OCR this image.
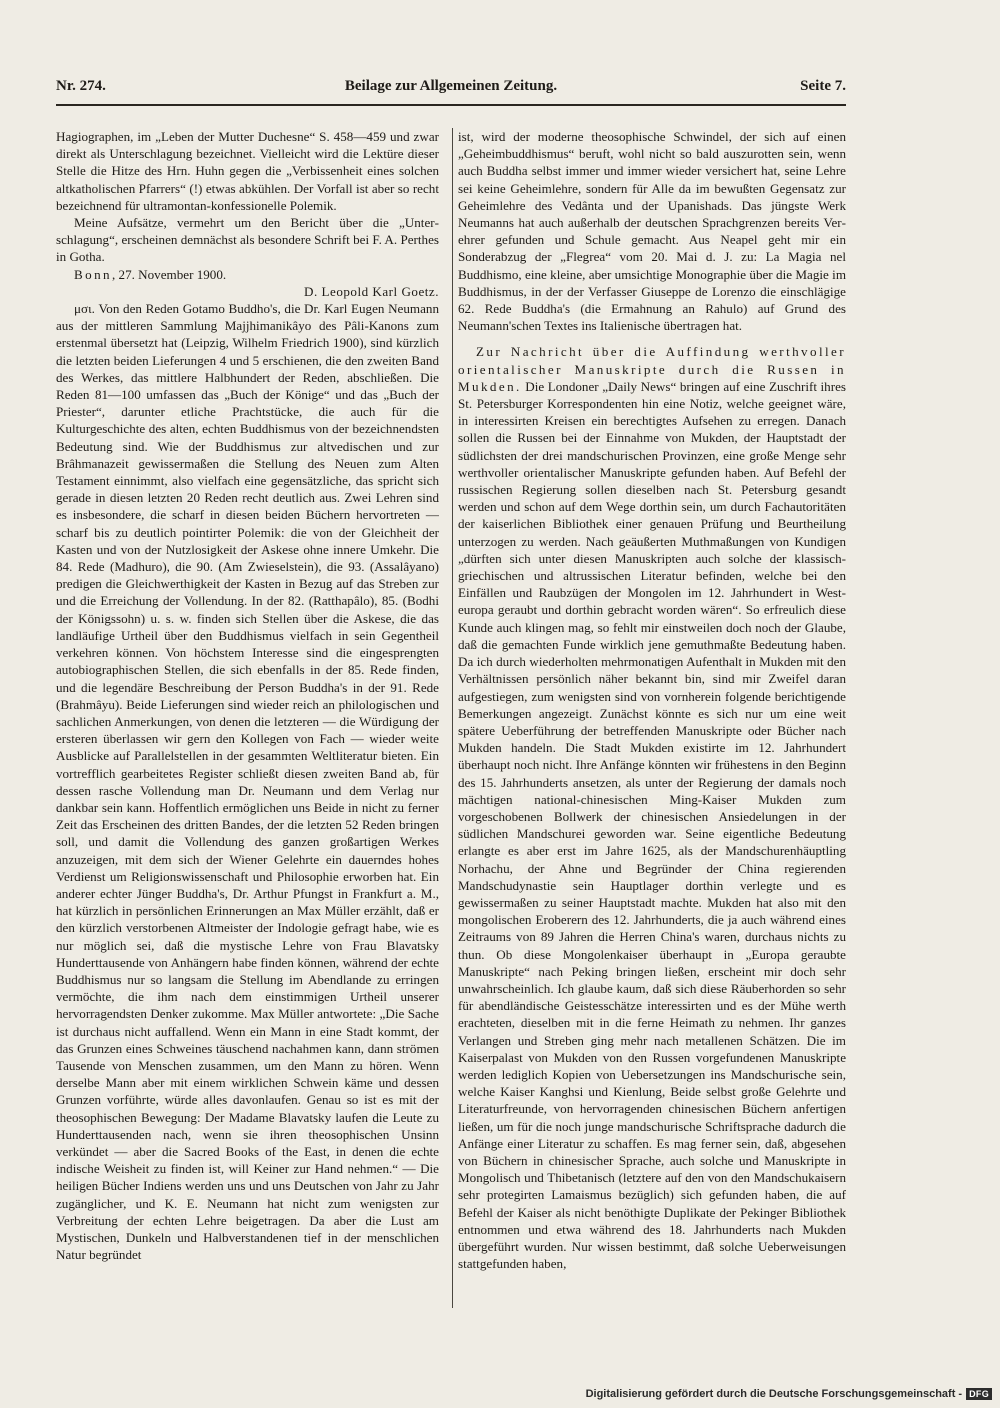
Nr. 274.	Beilage zur Allgemeinen Zeitung.	Seite 7.

Hagiographen, im „Leben der Mutter Duchesne“ S. 458—459 und zwar direkt als Unterschlagung bezeichnet. Vielleicht wird die Lektüre dieser Stelle die Hitze des Hrn. Huhn gegen die „Verbissenheit eines solchen altkatholischen Pfarrers“ (!) etwas abkühlen. Der Vorfall ist aber so recht bezeichnend für ultramontan-konfessionelle Polemik.

Meine Aufsätze, vermehrt um den Bericht über die „Unterschlagung“, erscheinen demnächst als besondere Schrift bei F. A. Perthes in Gotha.

Bonn, 27. November 1900.

D. Leopold Karl Goetz.

μσι. Von den Reden Gotamo Buddho's, die Dr. Karl Eugen Neumann aus der mittleren Sammlung Majjhimanikâyo des Pâli-Kanons zum erstenmal übersetzt hat (Leipzig, Wilhelm Friedrich 1900), sind kürzlich die letzten beiden Lieferungen 4 und 5 erschienen, die den zweiten Band des Werkes, das mittlere Halbhundert der Reden, abschließen. Die Reden 81—100 umfassen das „Buch der Könige“ und das „Buch der Priester“, darunter etliche Prachtstücke, die auch für die Kulturgeschichte des alten, echten Buddhismus von der bezeichnendsten Bedeutung sind. Wie der Buddhismus zur altvedischen und zur Brâhmanazeit gewissermaßen die Stellung des Neuen zum Alten Testament einnimmt, also vielfach eine gegensätzliche, das spricht sich gerade in diesen letzten 20 Reden recht deutlich aus. Zwei Lehren sind es insbesondere, die scharf in diesen beiden Büchern hervortreten — scharf bis zu deutlich pointirter Polemik: die von der Gleichheit der Kasten und von der Nutzlosigkeit der Askese ohne innere Umkehr. Die 84. Rede (Madhuro), die 90. (Am Zwieselstein), die 93. (Assalâyano) predigen die Gleichwerthigkeit der Kasten in Bezug auf das Streben zur und die Erreichung der Vollendung. In der 82. (Ratthapâlo), 85. (Bodhi der Königssohn) u. s. w. finden sich Stellen über die Askese, die das landläufige Urtheil über den Buddhismus vielfach in sein Gegentheil verkehren können. Von höchstem Interesse sind die eingesprengten autobiographischen Stellen, die sich ebenfalls in der 85. Rede finden, und die legendäre Beschreibung der Person Buddha's in der 91. Rede (Brahmâyu). Beide Lieferungen sind wieder reich an philologischen und sachlichen Anmerkungen, von denen die letzteren — die Würdigung der ersteren überlassen wir gern den Kollegen von Fach — wieder weite Ausblicke auf Parallelstellen in der gesammten Weltliteratur bieten. Ein vortrefflich gearbeitetes Register schließt diesen zweiten Band ab, für dessen rasche Vollendung man Dr. Neumann und dem Verlag nur dankbar sein kann. Hoffentlich ermöglichen uns Beide in nicht zu ferner Zeit das Erscheinen des dritten Bandes, der die letzten 52 Reden bringen soll, und damit die Vollendung des ganzen großartigen Werkes anzuzeigen, mit dem sich der Wiener Gelehrte ein dauerndes hohes Verdienst um Religionswissenschaft und Philosophie erworben hat. Ein anderer echter Jünger Buddha's, Dr. Arthur Pfungst in Frankfurt a. M., hat kürzlich in persönlichen Erinnerungen an Max Müller erzählt, daß er den kürzlich verstorbenen Altmeister der Indologie gefragt habe, wie es nur möglich sei, daß die mystische Lehre von Frau Blavatsky Hunderttausende von Anhängern habe finden können, während der echte Buddhismus nur so langsam die Stellung im Abendlande zu erringen vermöchte, die ihm nach dem einstimmigen Urtheil unserer hervorragendsten Denker zukomme. Max Müller antwortete: „Die Sache ist durchaus nicht auffallend. Wenn ein Mann in eine Stadt kommt, der das Grunzen eines Schweines täuschend nachahmen kann, dann strömen Tausende von Menschen zusammen, um den Mann zu hören. Wenn derselbe Mann aber mit einem wirklichen Schwein käme und dessen Grunzen vorführte, würde alles davonlaufen. Genau so ist es mit der theosophischen Bewegung: Der Madame Blavatsky laufen die Leute zu Hunderttausenden nach, wenn sie ihren theosophischen Unsinn verkündet — aber die Sacred Books of the East, in denen die echte indische Weisheit zu finden ist, will Keiner zur Hand nehmen.“ — Die heiligen Bücher Indiens werden uns und uns Deutschen von Jahr zu Jahr zugänglicher, und K. E. Neumann hat nicht zum wenigsten zur Verbreitung der echten Lehre beigetragen. Da aber die Lust am Mystischen, Dunkeln und Halbverstandenen tief in der menschlichen Natur begründet

ist, wird der moderne theosophische Schwindel, der sich auf einen „Geheimbuddhismus“ beruft, wohl nicht so bald auszurotten sein, wenn auch Buddha selbst immer und immer wieder versichert hat, seine Lehre sei keine Geheimlehre, sondern für Alle da im bewußten Gegensatz zur Geheimlehre des Vedânta und der Upanishads. Das jüngste Werk Neumanns hat auch außerhalb der deutschen Sprachgrenzen bereits Verehrer gefunden und Schule gemacht. Aus Neapel geht mir ein Sonderabzug der „Flegrea“ vom 20. Mai d. J. zu: La Magia nel Buddhismo, eine kleine, aber umsichtige Monographie über die Magie im Buddhismus, in der der Verfasser Giuseppe de Lorenzo die einschlägige 62. Rede Buddha's (die Ermahnung an Rahulo) auf Grund des Neumann'schen Textes ins Italienische übertragen hat.

Zur Nachricht über die Auffindung werthvoller orientalischer Manuskripte durch die Russen in Mukden. Die Londoner „Daily News“ bringen auf eine Zuschrift ihres St. Petersburger Korrespondenten hin eine Notiz, welche geeignet wäre, in interessirten Kreisen ein berechtigtes Aufsehen zu erregen. Danach sollen die Russen bei der Einnahme von Mukden, der Hauptstadt der südlichsten der drei mandschurischen Provinzen, eine große Menge sehr werthvoller orientalischer Manuskripte gefunden haben. Auf Befehl der russischen Regierung sollen dieselben nach St. Petersburg gesandt werden und schon auf dem Wege dorthin sein, um durch Fachautoritäten der kaiserlichen Bibliothek einer genauen Prüfung und Beurtheilung unterzogen zu werden. Nach geäußerten Muthmaßungen von Kundigen „dürften sich unter diesen Manuskripten auch solche der klassisch-griechischen und altrussischen Literatur befinden, welche bei den Einfällen und Raubzügen der Mongolen im 12. Jahrhundert in Westeuropa geraubt und dorthin gebracht worden wären“. So erfreulich diese Kunde auch klingen mag, so fehlt mir einstweilen doch noch der Glaube, daß die gemachten Funde wirklich jene gemuthmaßte Bedeutung haben. Da ich durch wiederholten mehrmonatigen Aufenthalt in Mukden mit den Verhältnissen persönlich näher bekannt bin, sind mir Zweifel daran aufgestiegen, zum wenigsten sind von vornherein folgende berichtigende Bemerkungen angezeigt. Zunächst könnte es sich nur um eine weit spätere Ueberführung der betreffenden Manuskripte oder Bücher nach Mukden handeln. Die Stadt Mukden existirte im 12. Jahrhundert überhaupt noch nicht. Ihre Anfänge könnten wir frühestens in den Beginn des 15. Jahrhunderts ansetzen, als unter der Regierung der damals noch mächtigen national-chinesischen Ming-Kaiser Mukden zum vorgeschobenen Bollwerk der chinesischen Ansiedelungen in der südlichen Mandschurei geworden war. Seine eigentliche Bedeutung erlangte es aber erst im Jahre 1625, als der Mandschurenhäuptling Norhachu, der Ahne und Begründer der China regierenden Mandschudynastie sein Hauptlager dorthin verlegte und es gewissermaßen zu seiner Hauptstadt machte. Mukden hat also mit den mongolischen Eroberern des 12. Jahrhunderts, die ja auch während eines Zeitraums von 89 Jahren die Herren China's waren, durchaus nichts zu thun. Ob diese Mongolenkaiser überhaupt in „Europa geraubte Manuskripte“ nach Peking bringen ließen, erscheint mir doch sehr unwahrscheinlich. Ich glaube kaum, daß sich diese Räuberhorden so sehr für abendländische Geistesschätze interessirten und es der Mühe werth erachteten, dieselben mit in die ferne Heimath zu nehmen. Ihr ganzes Verlangen und Streben ging mehr nach metallenen Schätzen. Die im Kaiserpalast von Mukden von den Russen vorgefundenen Manuskripte werden lediglich Kopien von Uebersetzungen ins Mandschurische sein, welche Kaiser Kanghsi und Kienlung, Beide selbst große Gelehrte und Literaturfreunde, von hervorragenden chinesischen Büchern anfertigen ließen, um für die noch junge mandschurische Schriftsprache dadurch die Anfänge einer Literatur zu schaffen. Es mag ferner sein, daß, abgesehen von Büchern in chinesischer Sprache, auch solche und Manuskripte in Mongolisch und Thibetanisch (letztere auf den von den Mandschukaisern sehr protegirten Lamaismus bezüglich) sich gefunden haben, die auf Befehl der Kaiser als nicht benöthigte Duplikate der Pekinger Bibliothek entnommen und etwa während des 18. Jahrhunderts nach Mukden übergeführt wurden. Nur wissen bestimmt, daß solche Ueberweisungen stattgefunden haben,

Digitalisierung gefördert durch die Deutsche Forschungsgemeinschaft - DFG
